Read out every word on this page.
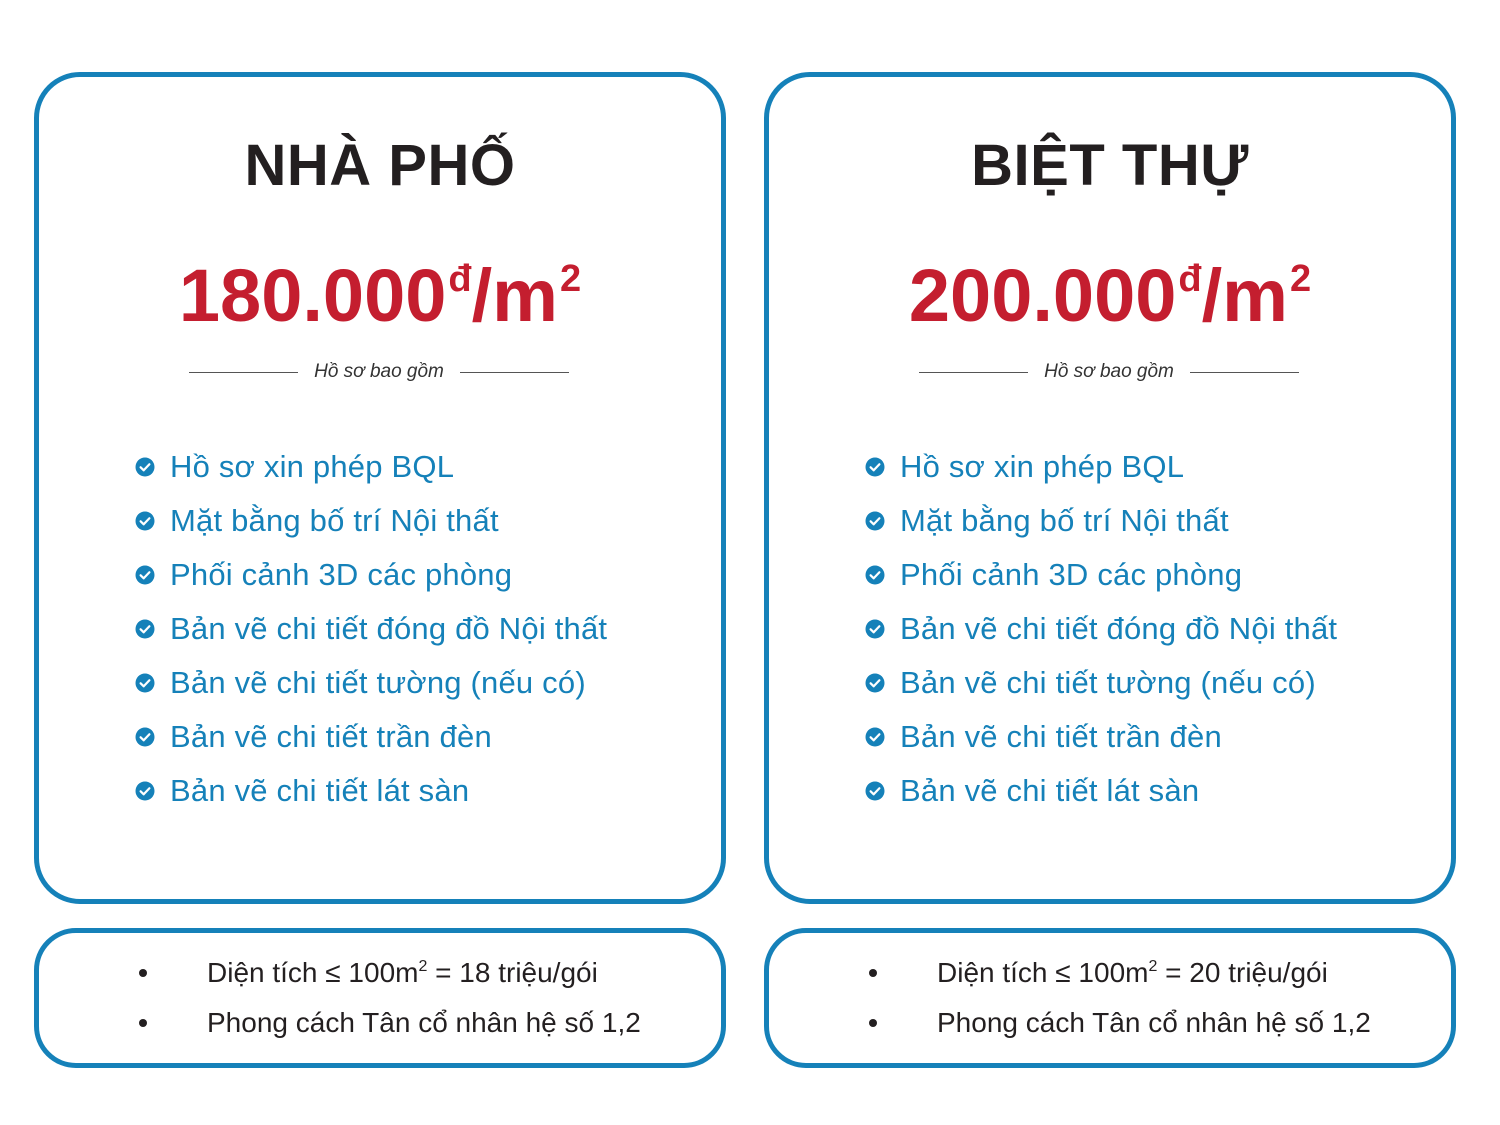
NHÀ PHỐ
$180.000^đ/m^2$
Hồ sơ bao gồm
Hồ sơ xin phép BQL
Mặt bằng bố trí Nội thất
Phối cảnh 3D các phòng
Bản vẽ chi tiết đóng đồ Nội thất
Bản vẽ chi tiết tường (nếu có)
Bản vẽ chi tiết trần đèn
Bản vẽ chi tiết lát sàn
Diện tích ≤ $100m^2 = 18$ triệu/gói
Phong cách Tân cổ nhân hệ số 1,2
BIỆT THỰ
$200.000^đ/m^2$
Hồ sơ bao gồm
Hồ sơ xin phép BQL
Mặt bằng bố trí Nội thất
Phối cảnh 3D các phòng
Bản vẽ chi tiết đóng đồ Nội thất
Bản vẽ chi tiết tường (nếu có)
Bản vẽ chi tiết trần đèn
Bản vẽ chi tiết lát sàn
Diện tích ≤ $100m^2 = 20$ triệu/gói
Phong cách Tân cổ nhân hệ số 1,2
